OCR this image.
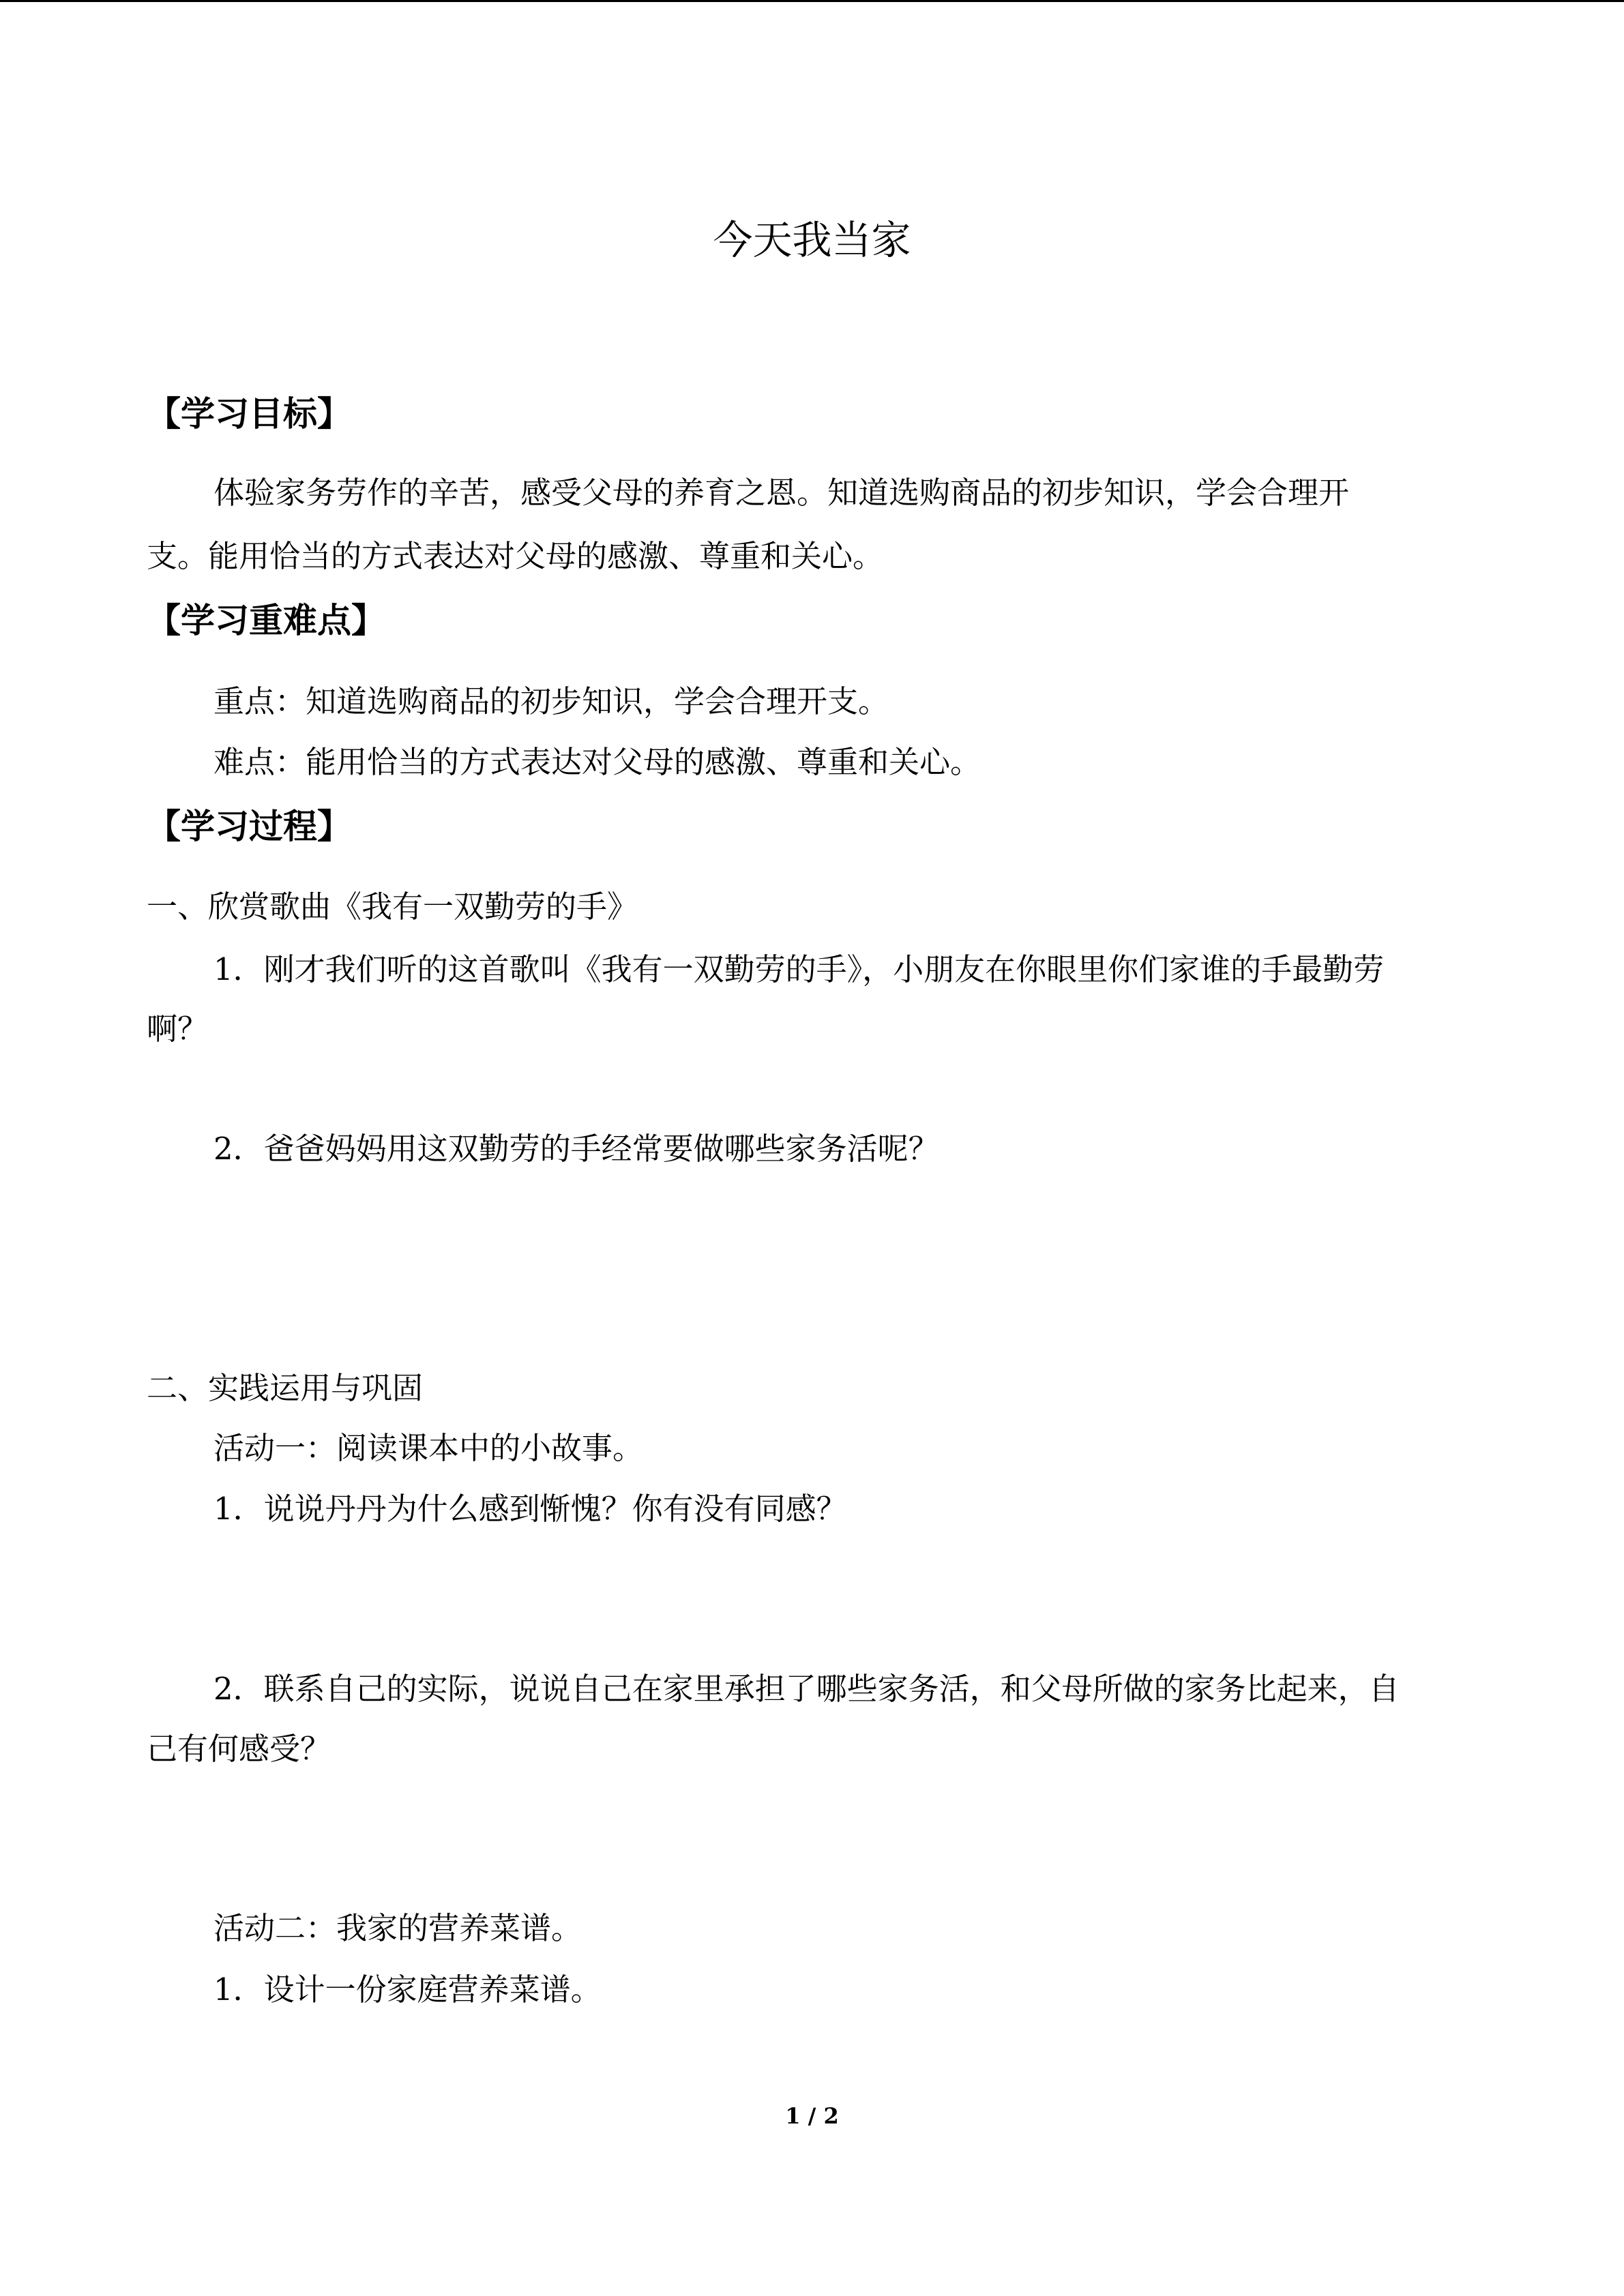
今天我当家
【学习目标】
体验家务劳作的辛苦，感受父母的养育之恩。知道选购商品的初步知识，学会合理开
支。能用恰当的方式表达对父母的感激、尊重和关心。
【学习重难点】
重点：知道选购商品的初步知识，学会合理开支。
难点：能用恰当的方式表达对父母的感激、尊重和关心。
【学习过程】
一、欣赏歌曲《我有一双勤劳的手》
1．刚才我们听的这首歌叫《我有一双勤劳的手》，小朋友在你眼里你们家谁的手最勤劳
啊？
2．爸爸妈妈用这双勤劳的手经常要做哪些家务活呢？
二、实践运用与巩固
活动一：阅读课本中的小故事。
1．说说丹丹为什么感到惭愧？你有没有同感？
2．联系自己的实际，说说自己在家里承担了哪些家务活，和父母所做的家务比起来，自
己有何感受？
活动二：我家的营养菜谱。
1．设计一份家庭营养菜谱。
1 / 2
